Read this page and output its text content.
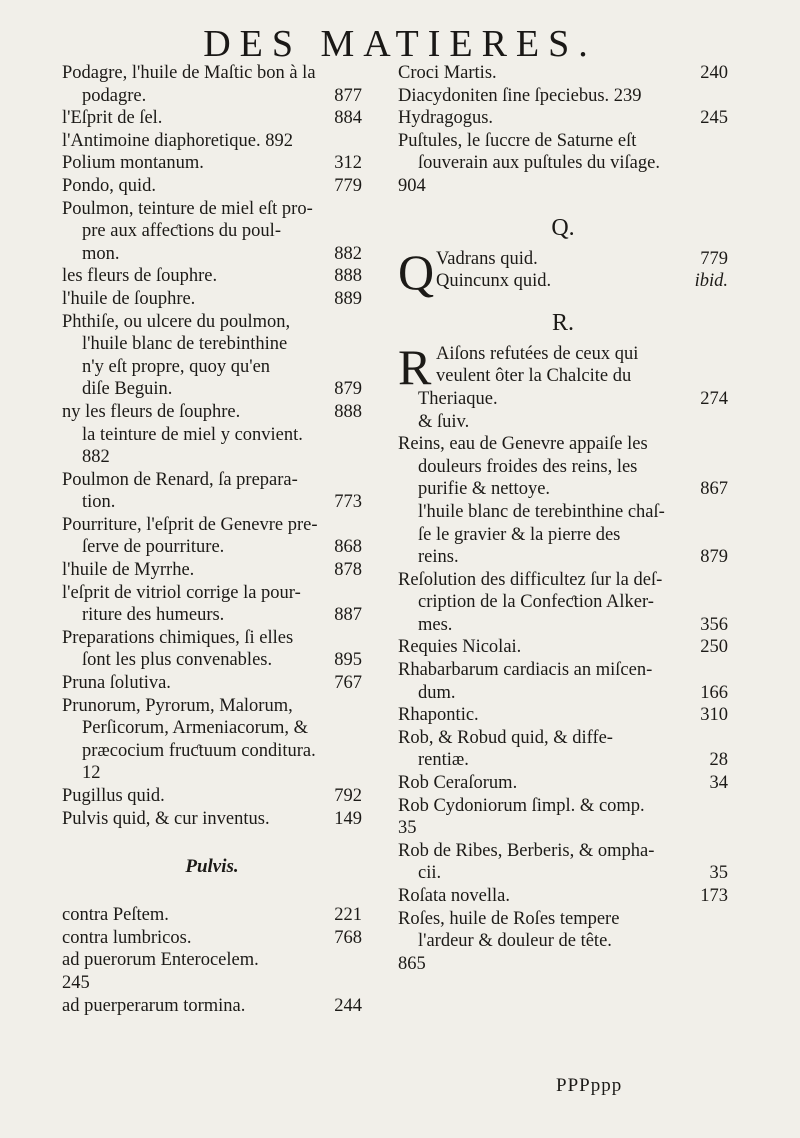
DES MATIERES.
Podagre, l'huile de Maſtic bon à la
podagre.	877
l'Eſprit de ſel.	884
l'Antimoine diaphoretique. 892
Polium montanum.	312
Pondo, quid.	779
Poulmon, teinture de miel eſt pro-
pre aux affeƈtions du poul-
mon.	882
les fleurs de ſouphre.	888
l'huile de ſouphre.	889
Phthiſe, ou ulcere du poulmon,
l'huile blanc de terebinthine
n'y eſt propre, quoy qu'en
diſe Beguin.	879
ny les fleurs de ſouphre.	888
la teinture de miel y convient.
882
Poulmon de Renard, ſa prepara-
tion.	773
Pourriture, l'eſprit de Genevre pre-
ſerve de pourriture.	868
l'huile de Myrrhe.	878
l'eſprit de vitriol corrige la pour-
riture des humeurs.	887
Preparations chimiques, ſi elles
ſont les plus convenables.	895
Pruna ſolutiva.	767
Prunorum, Pyrorum, Malorum,
Perſicorum, Armeniacorum, &
præcocium fruƈtuum conditura.
12
Pugillus quid.	792
Pulvis quid, & cur inventus.	149
Pulvis.
contra Peſtem.	221
contra lumbricos.	768
ad puerorum Enterocelem.
245
ad puerperarum tormina.	244
Croci Martis.	240
Diacydoniten ſine ſpeciebus. 239
Hydragogus.	245
Puſtules, le ſuccre de Saturne eſt
ſouverain aux puſtules du viſage.
904
Q.
Q Vadrans quid.	779
Quincunx quid.	ibid.
R.
R Aiſons refutées de ceux qui
veulent ôter la Chalcite du
Theriaque.	274
& ſuiv.
Reins, eau de Genevre appaiſe les
douleurs froides des reins, les
purifie & nettoye.	867
l'huile blanc de terebinthine chaſ-
ſe le gravier & la pierre des
reins.	879
Reſolution des difficultez ſur la deſ-
cription de la Confeƈtion Alker-
mes.	356
Requies Nicolai.	250
Rhabarbarum cardiacis an miſcen-
dum.	166
Rhapontic.	310
Rob, & Robud quid, & diffe-
rentiæ.	28
Rob Ceraſorum.	34
Rob Cydoniorum ſimpl. & comp.
35
Rob de Ribes, Berberis, & ompha-
cii.	35
Roſata novella.	173
Roſes, huile de Roſes tempere
l'ardeur & douleur de tête.
865
PPPppp
